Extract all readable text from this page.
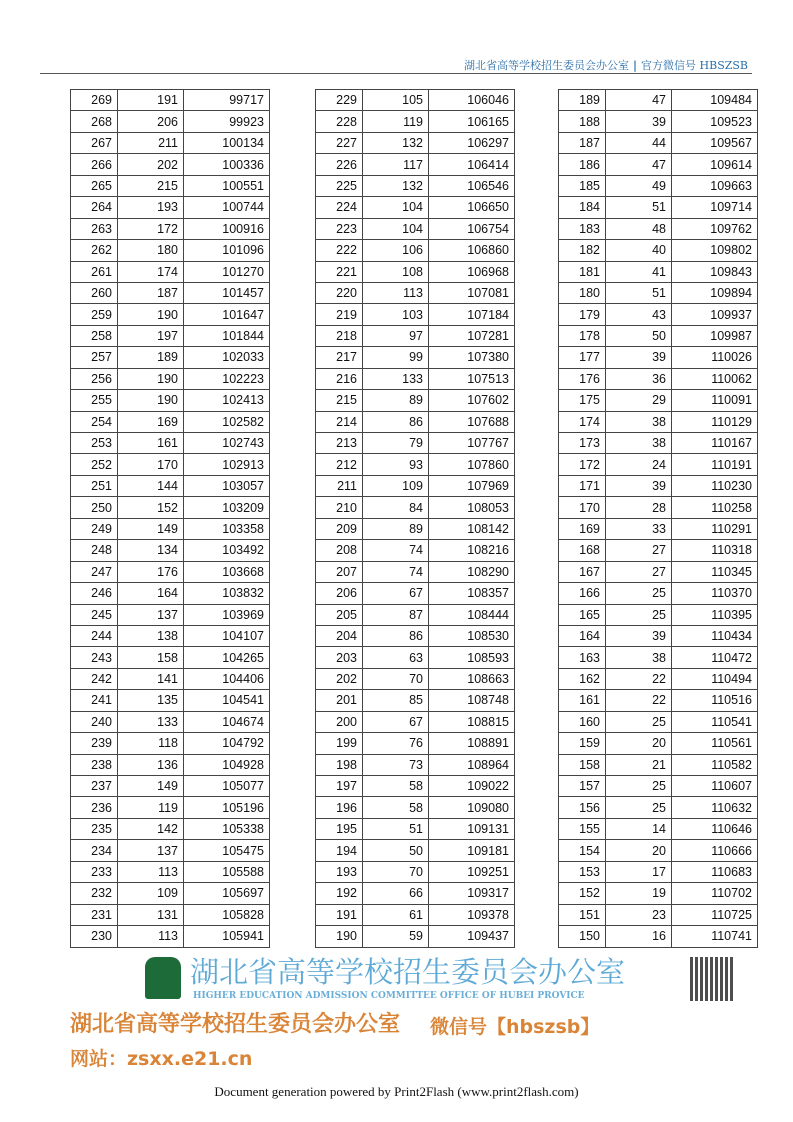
湖北省高等学校招生委员会办公室 | 官方微信号 HBSZSB
269	191	99717
268	206	99923
267	211	100134
266	202	100336
265	215	100551
264	193	100744
263	172	100916
262	180	101096
261	174	101270
260	187	101457
259	190	101647
258	197	101844
257	189	102033
256	190	102223
255	190	102413
254	169	102582
253	161	102743
252	170	102913
251	144	103057
250	152	103209
249	149	103358
248	134	103492
247	176	103668
246	164	103832
245	137	103969
244	138	104107
243	158	104265
242	141	104406
241	135	104541
240	133	104674
239	118	104792
238	136	104928
237	149	105077
236	119	105196
235	142	105338
234	137	105475
233	113	105588
232	109	105697
231	131	105828
230	113	105941
229	105	106046
228	119	106165
227	132	106297
226	117	106414
225	132	106546
224	104	106650
223	104	106754
222	106	106860
221	108	106968
220	113	107081
219	103	107184
218	97	107281
217	99	107380
216	133	107513
215	89	107602
214	86	107688
213	79	107767
212	93	107860
211	109	107969
210	84	108053
209	89	108142
208	74	108216
207	74	108290
206	67	108357
205	87	108444
204	86	108530
203	63	108593
202	70	108663
201	85	108748
200	67	108815
199	76	108891
198	73	108964
197	58	109022
196	58	109080
195	51	109131
194	50	109181
193	70	109251
192	66	109317
191	61	109378
190	59	109437
189	47	109484
188	39	109523
187	44	109567
186	47	109614
185	49	109663
184	51	109714
183	48	109762
182	40	109802
181	41	109843
180	51	109894
179	43	109937
178	50	109987
177	39	110026
176	36	110062
175	29	110091
174	38	110129
173	38	110167
172	24	110191
171	39	110230
170	28	110258
169	33	110291
168	27	110318
167	27	110345
166	25	110370
165	25	110395
164	39	110434
163	38	110472
162	22	110494
161	22	110516
160	25	110541
159	20	110561
158	21	110582
157	25	110607
156	25	110632
155	14	110646
154	20	110666
153	17	110683
152	19	110702
151	23	110725
150	16	110741
湖北省高等学校招生委员会办公室
HIGHER EDUCATION ADMISSION COMMITTEE OFFICE OF HUBEI PROVICE
湖北省高等学校招生委员会办公室 微信号【hbszsb】
网站：zsxx.e21.cn
Document generation powered by Print2Flash (www.print2flash.com)
